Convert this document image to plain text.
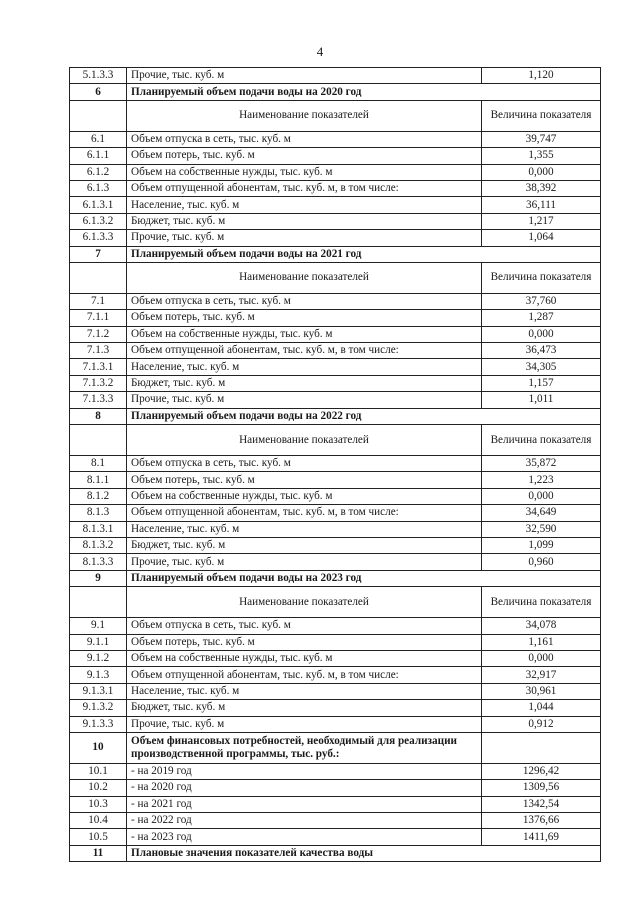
4
5.1.3.3	Прочие, тыс. куб. м	1,120
6	Планируемый объем подачи воды на 2020 год	
	Наименование показателей	Величина показателя
6.1	Объем отпуска в сеть, тыс. куб. м	39,747
6.1.1	Объем потерь, тыс. куб. м	1,355
6.1.2	Объем на собственные нужды, тыс. куб. м	0,000
6.1.3	Объем отпущенной абонентам, тыс. куб. м, в том числе:	38,392
6.1.3.1	Население, тыс. куб. м	36,111
6.1.3.2	Бюджет, тыс. куб. м	1,217
6.1.3.3	Прочие, тыс. куб. м	1,064
7	Планируемый объем подачи воды на 2021 год	
	Наименование показателей	Величина показателя
7.1	Объем отпуска в сеть, тыс. куб. м	37,760
7.1.1	Объем потерь, тыс. куб. м	1,287
7.1.2	Объем на собственные нужды, тыс. куб. м	0,000
7.1.3	Объем отпущенной абонентам, тыс. куб. м, в том числе:	36,473
7.1.3.1	Население, тыс. куб. м	34,305
7.1.3.2	Бюджет, тыс. куб. м	1,157
7.1.3.3	Прочие, тыс. куб. м	1,011
8	Планируемый объем подачи воды на 2022 год	
	Наименование показателей	Величина показателя
8.1	Объем отпуска в сеть, тыс. куб. м	35,872
8.1.1	Объем потерь, тыс. куб. м	1,223
8.1.2	Объем на собственные нужды, тыс. куб. м	0,000
8.1.3	Объем отпущенной абонентам, тыс. куб. м, в том числе:	34,649
8.1.3.1	Население, тыс. куб. м	32,590
8.1.3.2	Бюджет, тыс. куб. м	1,099
8.1.3.3	Прочие, тыс. куб. м	0,960
9	Планируемый объем подачи воды на 2023 год	
	Наименование показателей	Величина показателя
9.1	Объем отпуска в сеть, тыс. куб. м	34,078
9.1.1	Объем потерь, тыс. куб. м	1,161
9.1.2	Объем на собственные нужды, тыс. куб. м	0,000
9.1.3	Объем отпущенной абонентам, тыс. куб. м, в том числе:	32,917
9.1.3.1	Население, тыс. куб. м	30,961
9.1.3.2	Бюджет, тыс. куб. м	1,044
9.1.3.3	Прочие, тыс. куб. м	0,912
10	Объем финансовых потребностей, необходимый для реализации производственной программы, тыс. руб.:	
10.1	- на 2019 год	1296,42
10.2	- на 2020 год	1309,56
10.3	- на 2021 год	1342,54
10.4	- на 2022 год	1376,66
10.5	- на 2023 год	1411,69
11	Плановые значения показателей качества воды	
